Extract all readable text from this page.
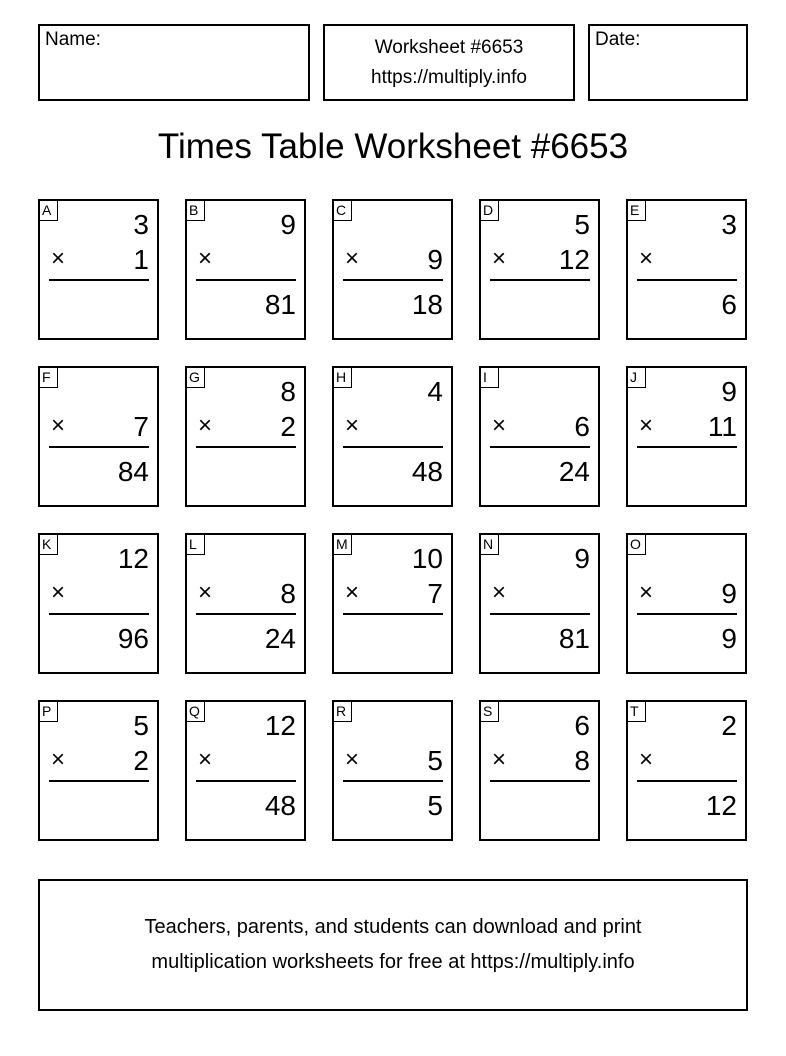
Name:	Worksheet #6653
https://multiply.info
Date:
Times Table Worksheet #6653
A	3
× 1
B	9
×
81
C
× 9
18
D	5
× 12
E	3
×
6
F
× 7
84
G	8
× 2
H	4
×
48
I
× 6
24
J	9
× 11
K 12
×
96
L
× 8
24
M 10
× 7
N	9
×
81
O
× 9
9
P	5
× 2
Q 12
×
48
R
× 5
5
S	6
× 8
T	2
×
12
Teachers, parents, and students can download and print
multiplication worksheets for free at https://multiply.info
